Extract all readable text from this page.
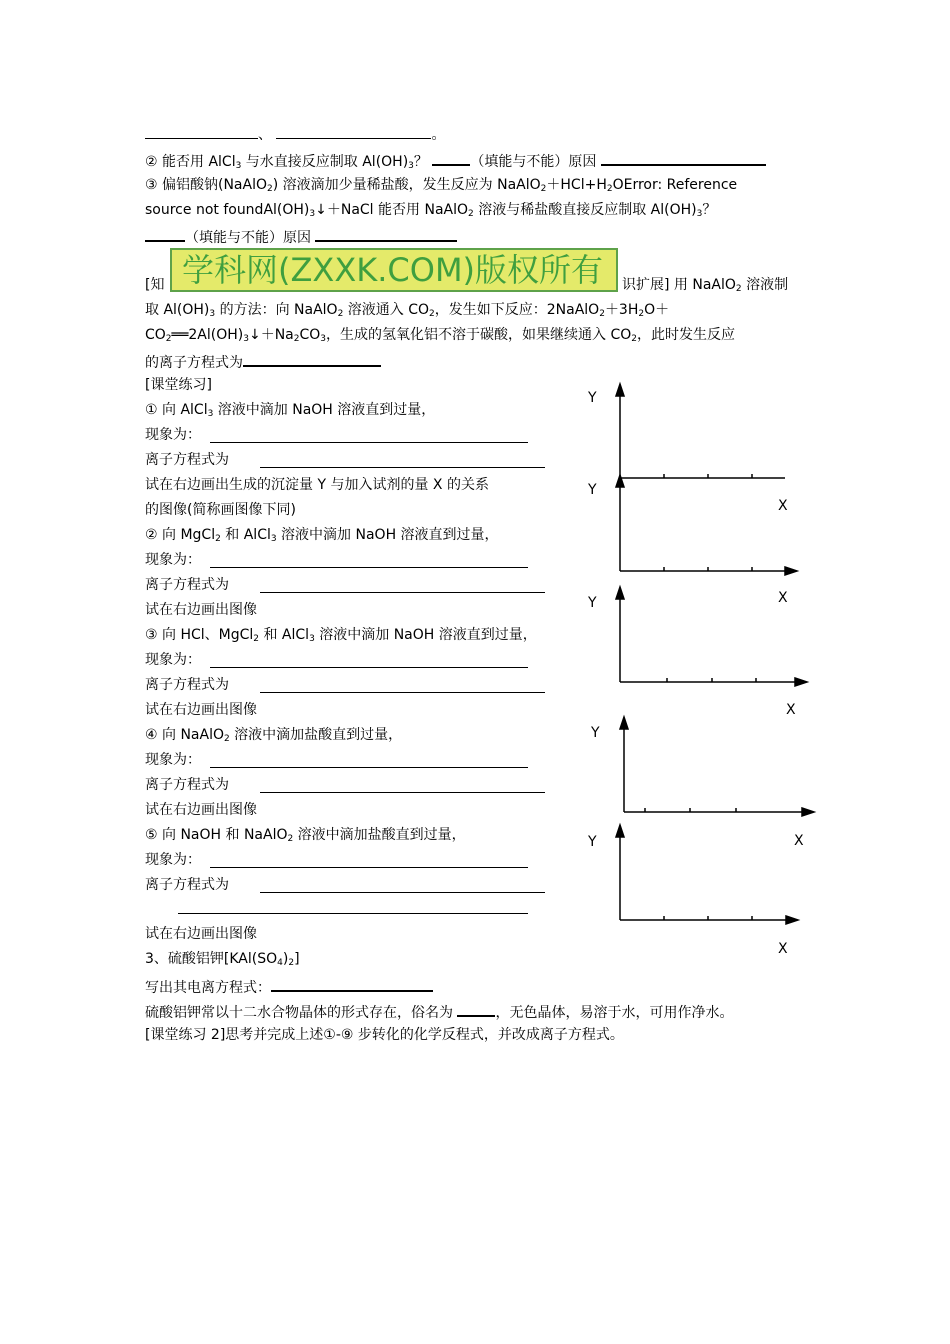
、	。
② 能否用 AlCl$_3$ 与水直接反应制取 $Al(OH)_3$？	（填能与不能）原因
③ 偏铝酸钠(NaAlO$_2$) 溶液滴加少量稀盐酸，发生反应为 $NaAlO_2+HCl+H_2OError$: Reference
source not $foundAl(OH)_3↓+NaCl$ 能否用 NaAlO$_2$ 溶液与稀盐酸直接反应制取 $Al(OH)_3$？
（填能与不能）原因
学科网(ZXXK.COM)版权所有
[知	识扩展] 用 NaAlO$_2$ 溶液制
取 $Al(OH)_3$ 的方法：向 NaAlO$_2$ 溶液通入 $CO_2$，发生如下反应：$2NaAlO_2+3H_2O+$
$CO_2══2Al(OH)_3↓+Na_2CO_3$，生成的氢氧化铝不溶于碳酸，如果继续通入 $CO_2$，此时发生反应
的离子方程式为
[课堂练习]
① 向 AlCl$_3$ 溶液中滴加 NaOH 溶液直到过量，
现象为：
离子方程式为
试在右边画出生成的沉淀量 Y 与加入试剂的量 X 的关系
的图像(简称画图像下同)
② 向 MgCl$_2$ 和 AlCl$_3$ 溶液中滴加 NaOH 溶液直到过量，
现象为：
离子方程式为
试在右边画出图像
③ 向 HCl、MgCl$_2$ 和 AlCl$_3$ 溶液中滴加 NaOH 溶液直到过量，
现象为：
离子方程式为
试在右边画出图像
④ 向 NaAlO$_2$ 溶液中滴加盐酸直到过量，
现象为：
离子方程式为
试在右边画出图像
⑤ 向 NaOH 和 NaAlO$_2$ 溶液中滴加盐酸直到过量，
现象为：
离子方程式为
试在右边画出图像
3、硫酸铝钾$[KAl(SO_4)_2]$
写出其电离方程式：
硫酸铝钾常以十二水合物晶体的形式存在，俗名为	，无色晶体，易溶于水，可用作净水。
[课堂练习 2]思考并完成上述①-⑨ 步转化的化学反程式，并改成离子方程式。
Y
Y
X
Y	X
X
Y
Y	X
X
